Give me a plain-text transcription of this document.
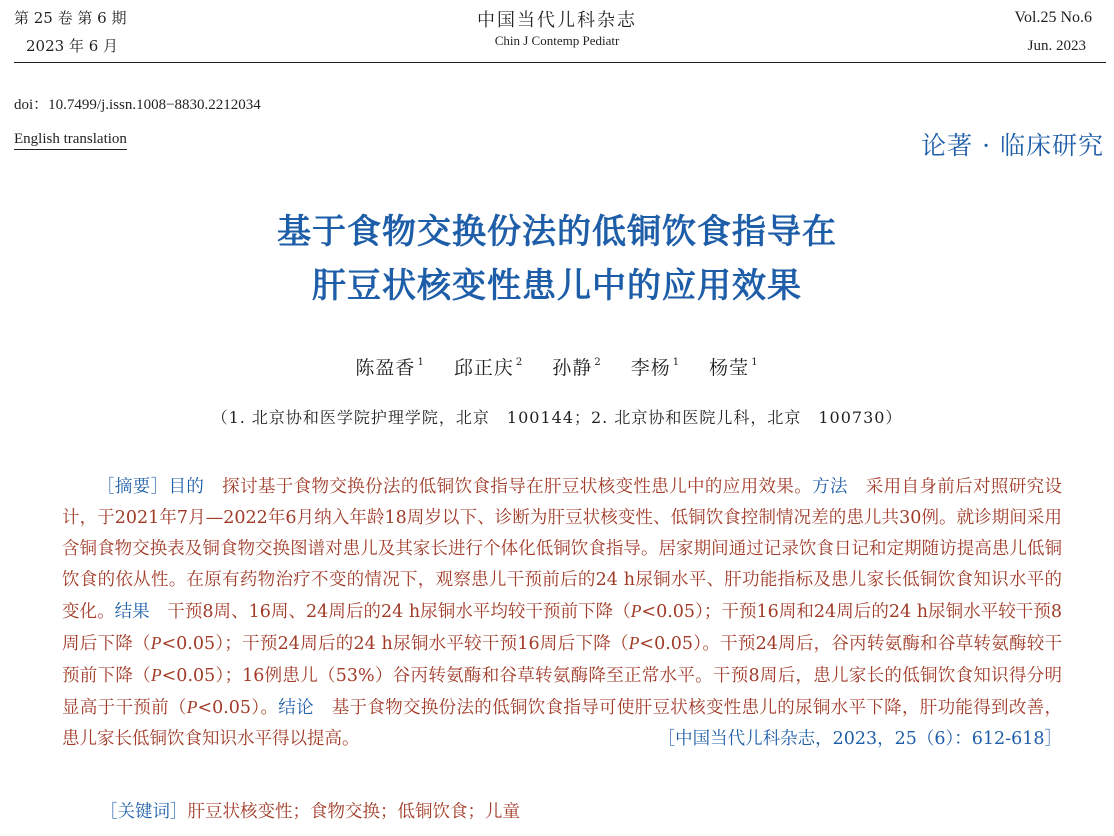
第 25 卷 第 6 期
2023 年 6 月
中国当代儿科杂志
Chin J Contemp Pediatr
Vol.25 No.6
Jun. 2023
doi：10.7499/j.issn.1008−8830.2212034
English translation	论著 · 临床研究
基于食物交换份法的低铜饮食指导在
肝豆状核变性患儿中的应用效果
陈盈香 $^1$ 邱正庆 $^2$ 孙静 $^2$ 李杨 $^1$ 杨莹 $^1$
（1. 北京协和医学院护理学院，北京　100144；2. 北京协和医院儿科，北京　100730）

［摘要］目的　探讨基于食物交换份法的低铜饮食指导在肝豆状核变性患儿中的应用效果。方法　采用自身前后对照研究设计，于2021年7月—2022年6月纳入年龄18周岁以下、诊断为肝豆状核变性、低铜饮食控制情况差的患儿共30例。就诊期间采用含铜食物交换表及铜食物交换图谱对患儿及其家长进行个体化低铜饮食指导。居家期间通过记录饮食日记和定期随访提高患儿低铜饮食的依从性。在原有药物治疗不变的情况下，观察患儿干预前后的24 h尿铜水平、肝功能指标及患儿家长低铜饮食知识水平的变化。结果　干预8周、16周、24周后的24 h尿铜水平均较干预前下降（P<0.05）；干预16周和24周后的24 h尿铜水平较干预8周后下降（P<0.05）；干预24周后的24 h尿铜水平较干预16周后下降（P<0.05）。干预24周后，谷丙转氨酶和谷草转氨酶较干预前下降（P<0.05）；16例患儿（53%）谷丙转氨酶和谷草转氨酶降至正常水平。干预8周后，患儿家长的低铜饮食知识得分明显高于干预前（P<0.05）。结论　基于食物交换份法的低铜饮食指导可使肝豆状核变性患儿的尿铜水平下降，肝功能得到改善，患儿家长低铜饮食知识水平得以提高。	［中国当代儿科杂志，2023，25（6）：612-618］

［关键词］肝豆状核变性；食物交换；低铜饮食；儿童
